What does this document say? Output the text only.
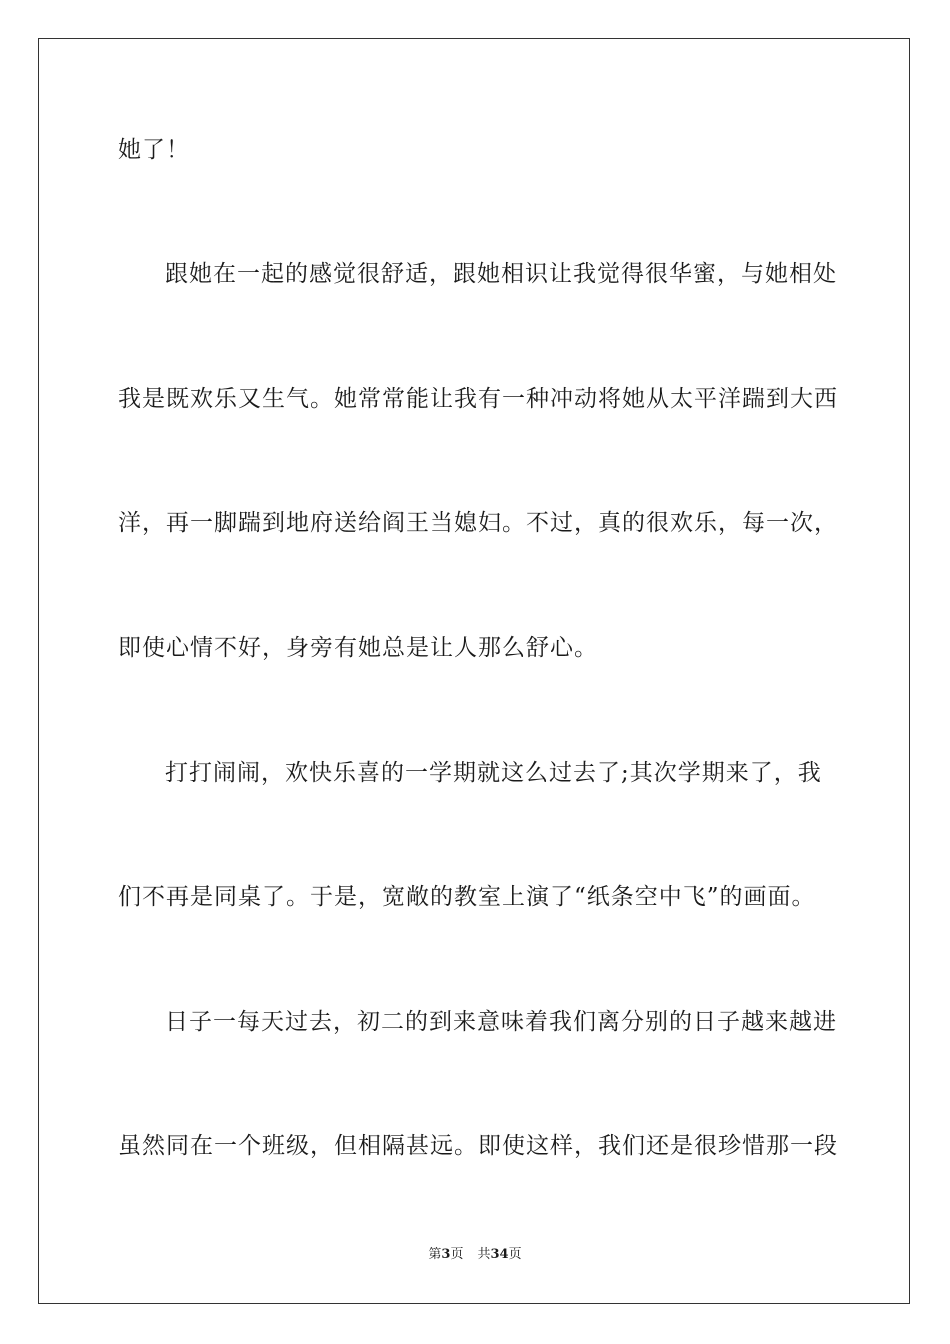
她了！
跟她在一起的感觉很舒适，跟她相识让我觉得很华蜜，与她相处
我是既欢乐又生气。她常常能让我有一种冲动将她从太平洋踹到大西
洋，再一脚踹到地府送给阎王当媳妇。不过，真的很欢乐，每一次，
即使心情不好，身旁有她总是让人那么舒心。
打打闹闹，欢快乐喜的一学期就这么过去了;其次学期来了，我
们不再是同桌了。于是，宽敞的教室上演了“纸条空中飞”的画面。
日子一每天过去，初二的到来意味着我们离分别的日子越来越进
虽然同在一个班级，但相隔甚远。即使这样，我们还是很珍惜那一段
第3页 共34页
